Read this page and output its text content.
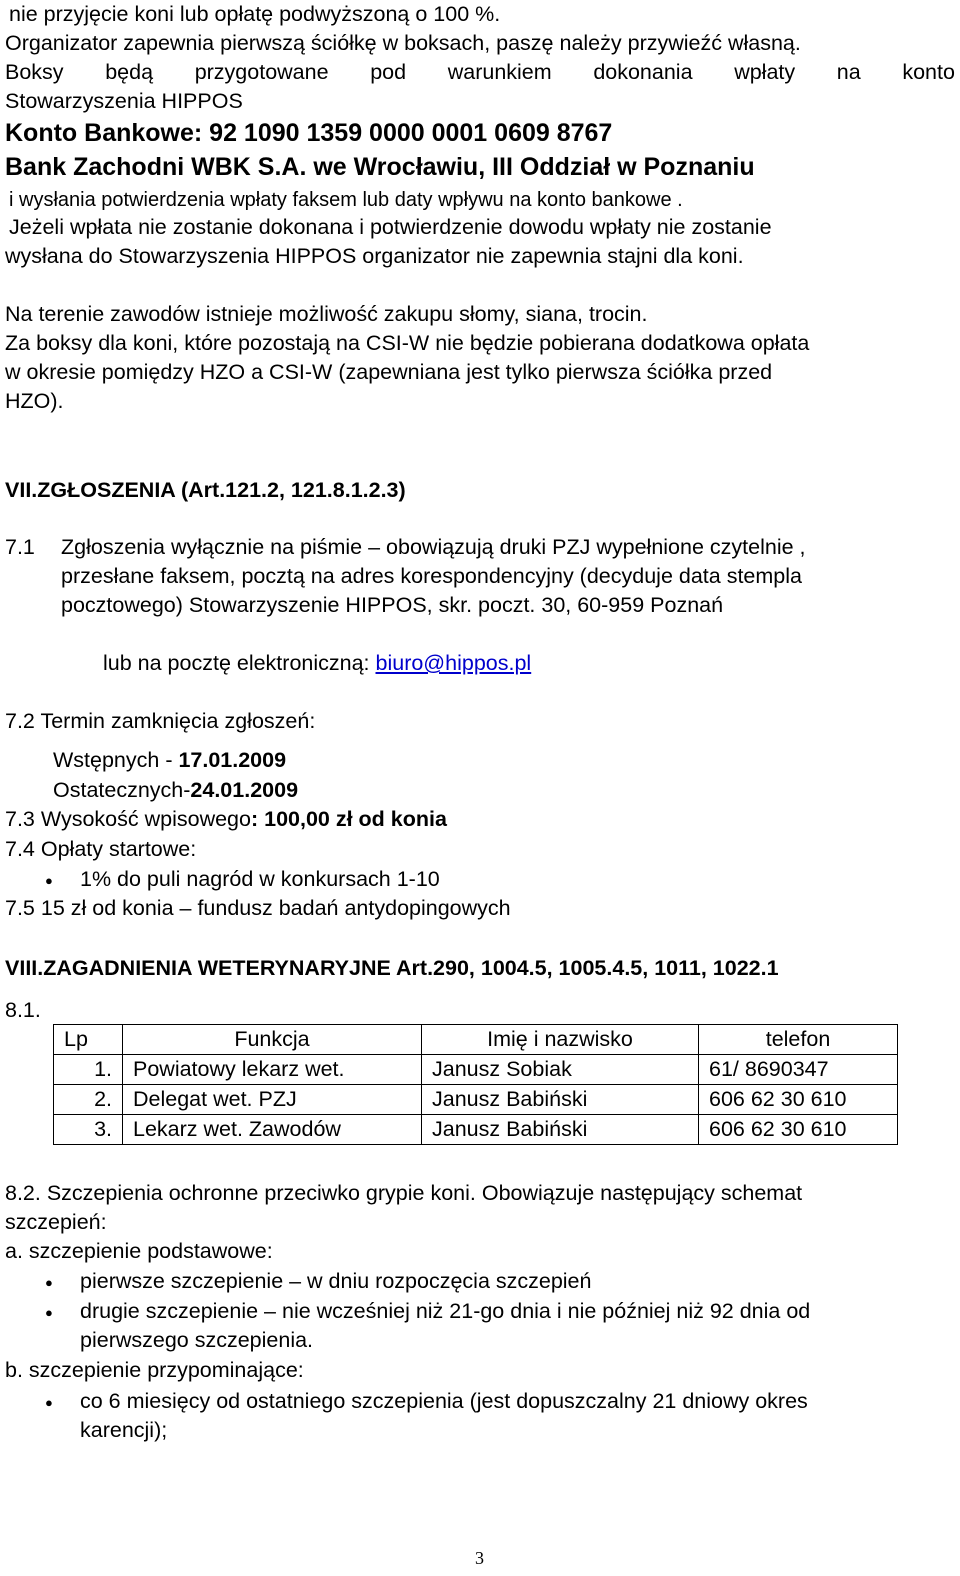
nie przyjęcie koni lub opłatę podwyższoną o 100 %.
Organizator zapewnia pierwszą ściółkę w boksach, paszę należy przywieźć własną.
Boksy będą przygotowane pod warunkiem dokonania wpłaty na konto
Stowarzyszenia HIPPOS
Konto Bankowe: 92 1090 1359 0000 0001 0609 8767
Bank Zachodni WBK S.A. we Wrocławiu, III Oddział w Poznaniu
i wysłania potwierdzenia wpłaty faksem lub daty wpływu na konto bankowe .
Jeżeli wpłata nie zostanie dokonana i potwierdzenie dowodu wpłaty nie zostanie
wysłana do Stowarzyszenia HIPPOS organizator nie zapewnia stajni dla koni.
Na terenie zawodów istnieje możliwość zakupu słomy, siana, trocin.
Za boksy dla koni, które pozostają na CSI-W nie będzie pobierana dodatkowa opłata
w okresie pomiędzy HZO a CSI-W (zapewniana jest tylko pierwsza ściółka przed
HZO).
VII.ZGŁOSZENIA (Art.121.2, 121.8.1.2.3)
7.1 Zgłoszenia wyłącznie na piśmie – obowiązują druki PZJ wypełnione czytelnie ,
przesłane faksem, pocztą na adres korespondencyjny (decyduje data stempla
pocztowego) Stowarzyszenie HIPPOS, skr. poczt. 30, 60-959 Poznań
lub na pocztę elektroniczną: biuro@hippos.pl
7.2 Termin zamknięcia zgłoszeń:
Wstępnych - 17.01.2009
Ostatecznych-24.01.2009
7.3 Wysokość wpisowego: 100,00 zł od konia
7.4 Opłaty startowe:
● 1% do puli nagród w konkursach 1-10
7.5 15 zł od konia – fundusz badań antydopingowych
VIII.ZAGADNIENIA WETERYNARYJNE Art.290, 1004.5, 1005.4.5, 1011, 1022.1
8.1.
Lp	Funkcja	Imię i nazwisko	telefon
1.	Powiatowy lekarz wet.	Janusz Sobiak	61/ 8690347
2.	Delegat wet. PZJ	Janusz Babiński	606 62 30 610
3.	Lekarz wet. Zawodów	Janusz Babiński	606 62 30 610
8.2. Szczepienia ochronne przeciwko grypie koni. Obowiązuje następujący schemat
szczepień:
a. szczepienie podstawowe:
● pierwsze szczepienie – w dniu rozpoczęcia szczepień
● drugie szczepienie – nie wcześniej niż 21-go dnia i nie później niż 92 dnia od
pierwszego szczepienia.
b. szczepienie przypominające:
● co 6 miesięcy od ostatniego szczepienia (jest dopuszczalny 21 dniowy okres
karencji);
3
